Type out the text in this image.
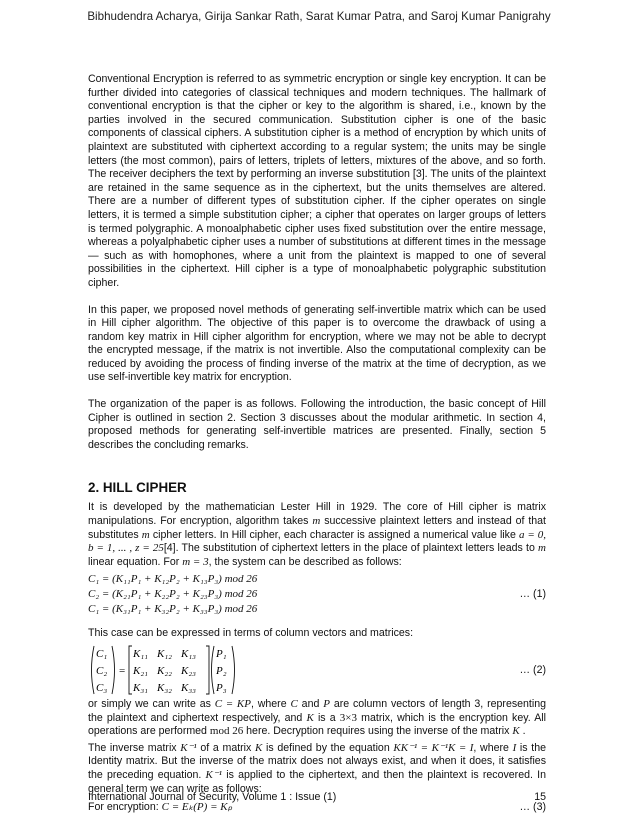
Bibhudendra Acharya, Girija Sankar Rath, Sarat Kumar Patra, and Saroj Kumar Panigrahy

Conventional Encryption is referred to as symmetric encryption or single key encryption. It can be further divided into categories of classical techniques and modern techniques. The hallmark of conventional encryption is that the cipher or key to the algorithm is shared, i.e., known by the parties involved in the secured communication. Substitution cipher is one of the basic components of classical ciphers. A substitution cipher is a method of encryption by which units of plaintext are substituted with ciphertext according to a regular system; the units may be single letters (the most common), pairs of letters, triplets of letters, mixtures of the above, and so forth. The receiver deciphers the text by performing an inverse substitution [3]. The units of the plaintext are retained in the same sequence as in the ciphertext, but the units themselves are altered. There are a number of different types of substitution cipher. If the cipher operates on single letters, it is termed a simple substitution cipher; a cipher that operates on larger groups of letters is termed polygraphic. A monoalphabetic cipher uses fixed substitution over the entire message, whereas a polyalphabetic cipher uses a number of substitutions at different times in the message— such as with homophones, where a unit from the plaintext is mapped to one of several possibilities in the ciphertext. Hill cipher is a type of monoalphabetic polygraphic substitution cipher.

In this paper, we proposed novel methods of generating self-invertible matrix which can be used in Hill cipher algorithm. The objective of this paper is to overcome the drawback of using a random key matrix in Hill cipher algorithm for encryption, where we may not be able to decrypt the encrypted message, if the matrix is not invertible. Also the computational complexity can be reduced by avoiding the process of finding inverse of the matrix at the time of decryption, as we use self-invertible key matrix for encryption.

The organization of the paper is as follows. Following the introduction, the basic concept of Hill Cipher is outlined in section 2. Section 3 discusses about the modular arithmetic. In section 4, proposed methods for generating self-invertible matrices are presented. Finally, section 5 describes the concluding remarks.

2. HILL CIPHER

It is developed by the mathematician Lester Hill in 1929. The core of Hill cipher is matrix manipulations. For encryption, algorithm takes m successive plaintext letters and instead of that substitutes m cipher letters. In Hill cipher, each character is assigned a numerical value like a = 0, b = 1, ... , z = 25[4]. The substitution of ciphertext letters in the place of plaintext letters leads to m linear equation. For m = 3, the system can be described as follows:

C₁ = (K₁₁P₁ + K₁₂P₂ + K₁₃P₃) mod 26
C₂ = (K₂₁P₁ + K₂₂P₂ + K₂₃P₃) mod 26	… (1)
C₁ = (K₃₁P₁ + K₃₂P₂ + K₃₃P₃) mod 26

This case can be expressed in terms of column vectors and matrices:

C₁
C₂
C₃
=
K₁₁ K₁₂ K₁₃
K₂₁ K₂₂ K₂₃
K₃₁ K₃₂ K₃₃
P₁
P₂
P₃
… (2)

or simply we can write as C = KP, where C and P are column vectors of length 3, representing the plaintext and ciphertext respectively, and K is a 3×3 matrix, which is the encryption key. All operations are performed mod 26 here. Decryption requires using the inverse of the matrix K .

The inverse matrix K⁻¹ of a matrix K is defined by the equation KK⁻¹ = K⁻¹K = I, where I is the Identity matrix. But the inverse of the matrix does not always exist, and when it does, it satisfies the preceding equation. K⁻¹ is applied to the ciphertext, and then the plaintext is recovered. In general term we can write as follows:

For encryption: C = Eₖ(P) = Kₚ	… (3)
International Journal of Security, Volume 1 : Issue (1)	15
